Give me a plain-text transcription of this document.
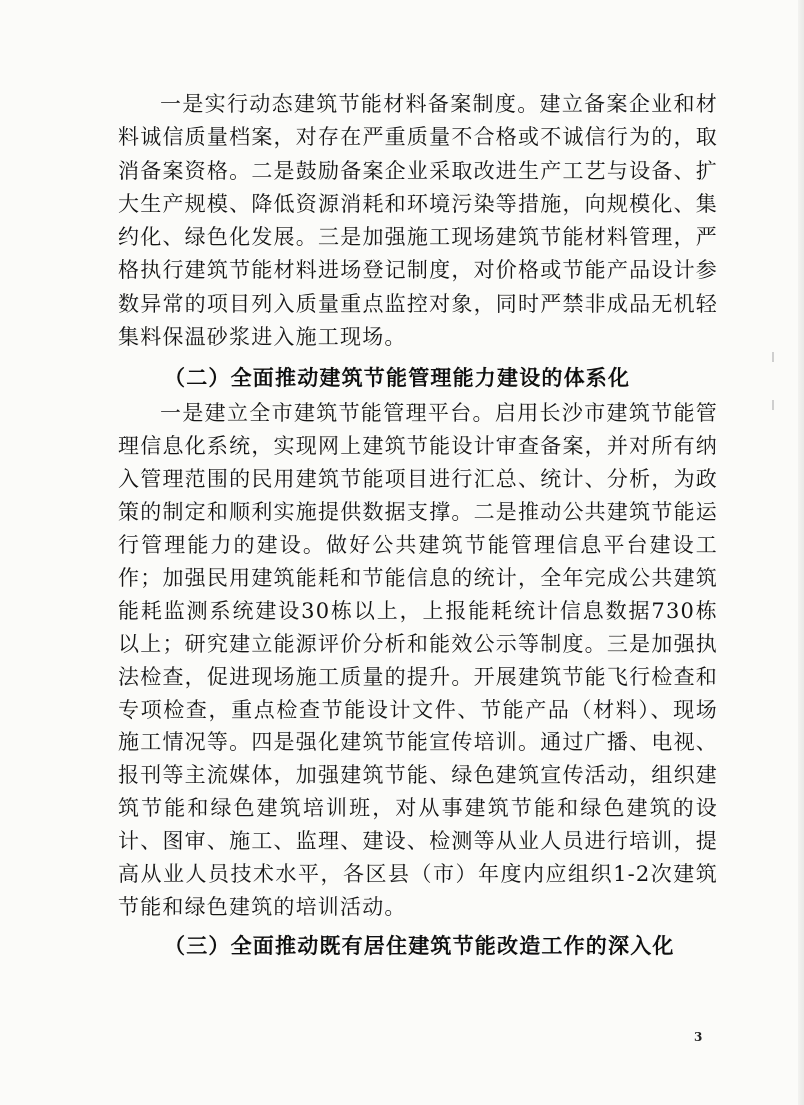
一是实行动态建筑节能材料备案制度。建立备案企业和材料诚信质量档案，对存在严重质量不合格或不诚信行为的，取消备案资格。二是鼓励备案企业采取改进生产工艺与设备、扩大生产规模、降低资源消耗和环境污染等措施，向规模化、集约化、绿色化发展。三是加强施工现场建筑节能材料管理，严格执行建筑节能材料进场登记制度，对价格或节能产品设计参数异常的项目列入质量重点监控对象，同时严禁非成品无机轻集料保温砂浆进入施工现场。

（二）全面推动建筑节能管理能力建设的体系化

一是建立全市建筑节能管理平台。启用长沙市建筑节能管理信息化系统，实现网上建筑节能设计审查备案，并对所有纳入管理范围的民用建筑节能项目进行汇总、统计、分析，为政策的制定和顺利实施提供数据支撑。二是推动公共建筑节能运行管理能力的建设。做好公共建筑节能管理信息平台建设工作；加强民用建筑能耗和节能信息的统计，全年完成公共建筑能耗监测系统建设30栋以上，上报能耗统计信息数据730栋以上；研究建立能源评价分析和能效公示等制度。三是加强执法检查，促进现场施工质量的提升。开展建筑节能飞行检查和专项检查，重点检查节能设计文件、节能产品（材料）、现场施工情况等。四是强化建筑节能宣传培训。通过广播、电视、报刊等主流媒体，加强建筑节能、绿色建筑宣传活动，组织建筑节能和绿色建筑培训班，对从事建筑节能和绿色建筑的设计、图审、施工、监理、建设、检测等从业人员进行培训，提高从业人员技术水平，各区县（市）年度内应组织1-2次建筑节能和绿色建筑的培训活动。

（三）全面推动既有居住建筑节能改造工作的深入化

3
